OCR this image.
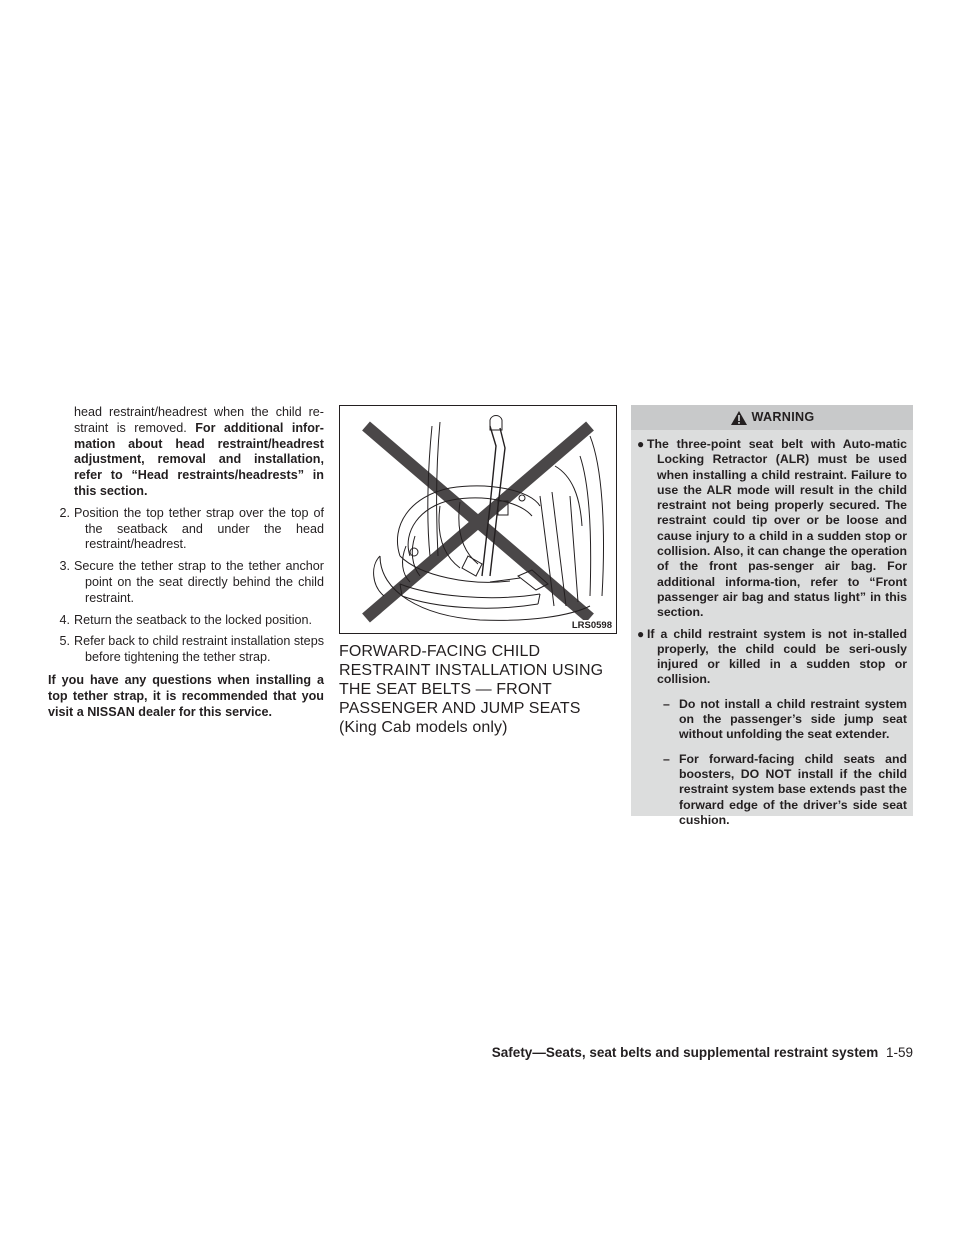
head restraint/headrest when the child re-straint is removed. For additional infor-mation about head restraint/headrest adjustment, removal and installation, refer to “Head restraints/headrests” in this section.

2. Position the top tether strap over the top of the seatback and under the head restraint/headrest.
3. Secure the tether strap to the tether anchor point on the seat directly behind the child restraint.
4. Return the seatback to the locked position.
5. Refer back to child restraint installation steps before tightening the tether strap.

If you have any questions when installing a top tether strap, it is recommended that you visit a NISSAN dealer for this service.

LRS0598
FORWARD-FACING CHILD
RESTRAINT INSTALLATION USING
THE SEAT BELTS — FRONT
PASSENGER AND JUMP SEATS
(King Cab models only)
WARNING
● The three-point seat belt with Auto-matic Locking Retractor (ALR) must be used when installing a child restraint. Failure to use the ALR mode will result in the child restraint not being properly secured. The restraint could tip over or be loose and cause injury to a child in a sudden stop or collision. Also, it can change the operation of the front pas-senger air bag. For additional informa-tion, refer to “Front passenger air bag and status light” in this section.
● If a child restraint system is not in-stalled properly, the child could be seri-ously injured or killed in a sudden stop or collision.
– Do not install a child restraint system on the passenger’s side jump seat without unfolding the seat extender.
– For forward-facing child seats and boosters, DO NOT install if the child restraint system base extends past the forward edge of the driver’s side seat cushion.
Safety—Seats, seat belts and supplemental restraint system 1-59
